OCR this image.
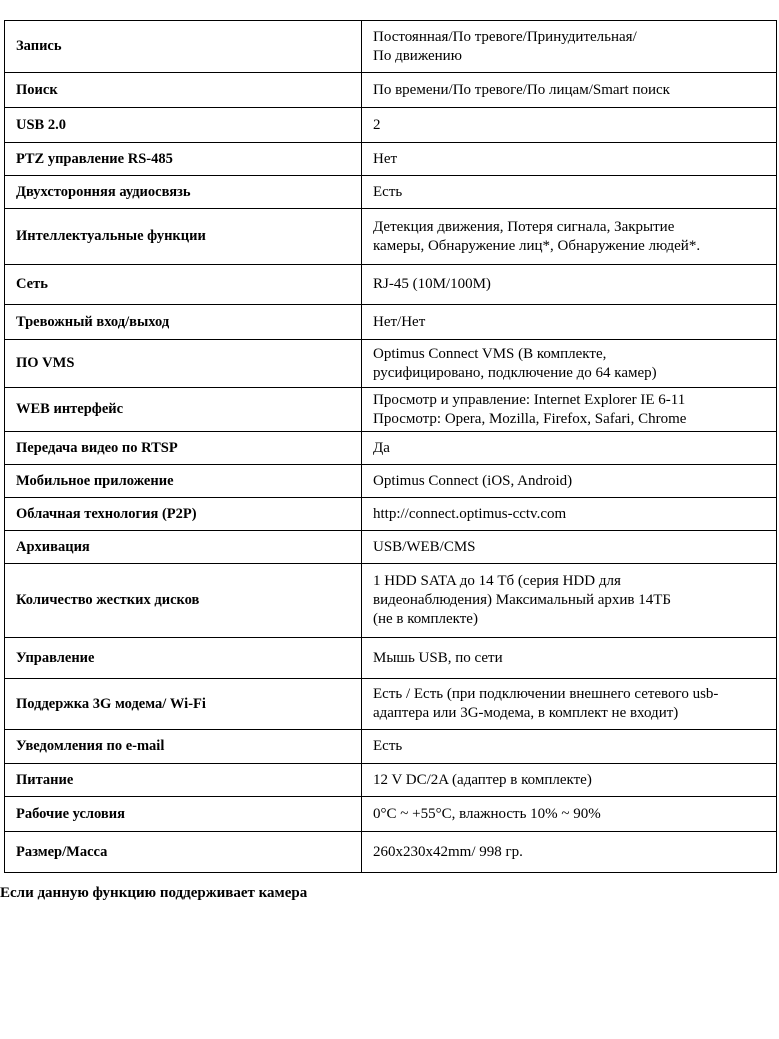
Запись	Постоянная/По тревоге/Принудительная/
По движению
Поиск	По времени/По тревоге/По лицам/Smart поиск
USB 2.0	2
PTZ управление RS-485	Нет
Двухсторонняя аудиосвязь	Есть
Интеллектуальные функции	Детекция движения, Потеря сигнала, Закрытие
камеры, Обнаружение лиц*, Обнаружение людей*.
Сеть	RJ-45 (10M/100M)
Тревожный вход/выход	Нет/Нет
ПО VMS	Optimus Connect VMS (В комплекте,
русифицировано, подключение до 64 камер)
WEB интерфейс	Просмотр и управление: Internet Explorer IE 6-11
Просмотр: Opera, Mozilla, Firefox, Safari, Chrome
Передача видео по RTSP	Да
Мобильное приложение	Optimus Connect (iOS, Android)
Облачная технология (P2P)	http://connect.optimus-cctv.com
Архивация	USB/WEB/CMS
Количество жестких дисков	1 HDD SATA до 14 Тб (серия HDD для
видеонаблюдения) Максимальный архив 14ТБ
(не в комплекте)
Управление	Мышь USB, по сети
Поддержка 3G модема/ Wi-Fi	Есть / Есть (при подключении внешнего сетевого usb-
адаптера или 3G-модема, в комплект не входит)
Уведомления по e-mail	Есть
Питание	12 V DC/2A (адаптер в комплекте)
Рабочие условия	0°C ~ +55°C, влажность 10% ~ 90%
Размер/Масса	260x230x42mm/ 998 гр.
Если данную функцию поддерживает камера
